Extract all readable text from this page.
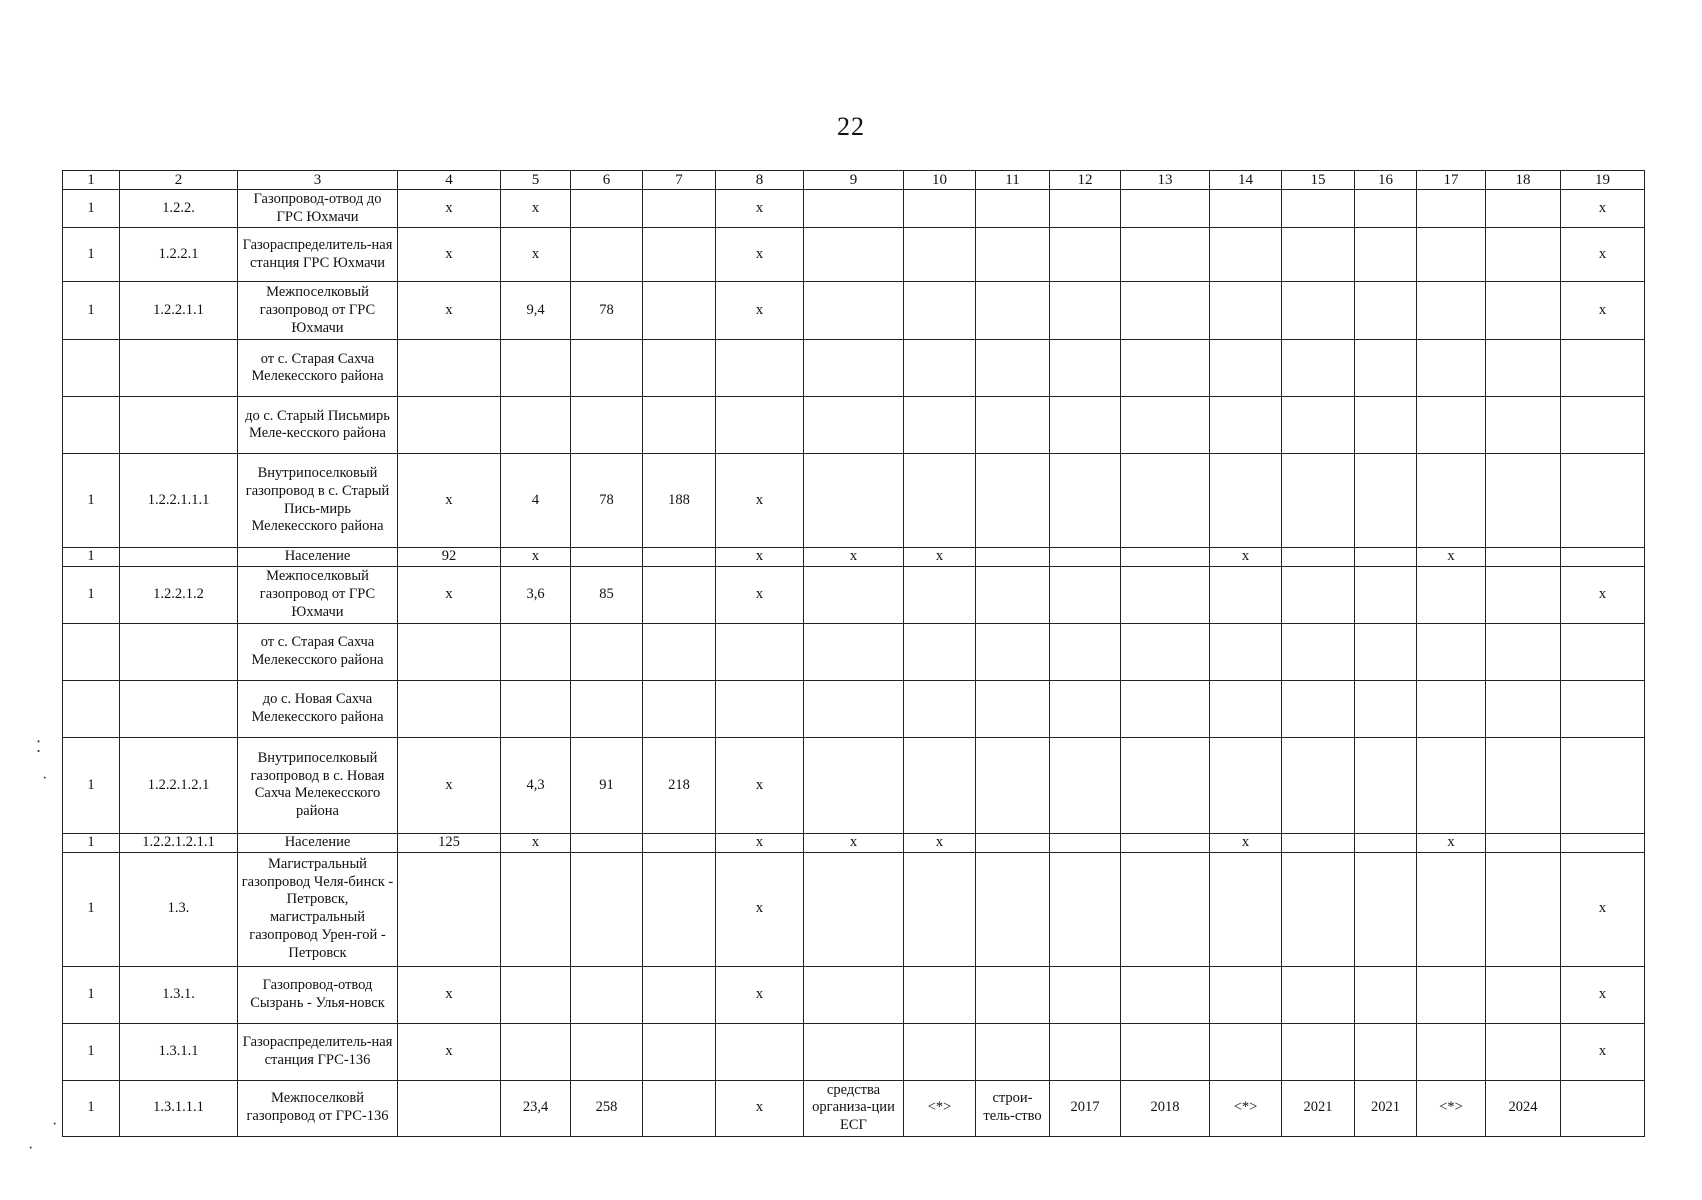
22
⁚
·
·
·
1	2	3	4	5	6	7	8	9	10	11	12	13	14	15	16	17	18	19
1	1.2.2.	Газопровод-отвод до ГРС Юхмачи	x	x			x											x
1	1.2.2.1	Газораспределитель-ная станция ГРС Юхмачи	x	x			x											x
1	1.2.2.1.1	Межпоселковый газопровод от ГРС Юхмачи	x	9,4	78		x											x
		от с. Старая Сахча Мелекесского района																
		до с. Старый Письмирь Меле-кесского района																
1	1.2.2.1.1.1	Внутрипоселковый газопровод в с. Старый Пись-мирь Мелекесского района	x	4	78	188	x											
1		Население	92	x			x	x	x				x			x		
1	1.2.2.1.2	Межпоселковый газопровод от ГРС Юхмачи	x	3,6	85		x											x
		от с. Старая Сахча Мелекесского района																
		до с. Новая Сахча Мелекесского района																
1	1.2.2.1.2.1	Внутрипоселковый газопровод в с. Новая Сахча Мелекесского района	x	4,3	91	218	x											
1	1.2.2.1.2.1.1	Население	125	x			x	x	x				x			x		
1	1.3.	Магистральный газопровод Челя-бинск - Петровск, магистральный газопровод Урен-гой - Петровск					x											x
1	1.3.1.	Газопровод-отвод Сызрань - Улья-новск	x				x											x
1	1.3.1.1	Газораспределитель-ная станция ГРС-136	x															x
1	1.3.1.1.1	Межпоселковй газопровод от ГРС-136		23,4	258		x	средства организа-ции ЕСГ	<*>	строи-тель-ство	2017	2018	<*>	2021	2021	<*>	2024	
